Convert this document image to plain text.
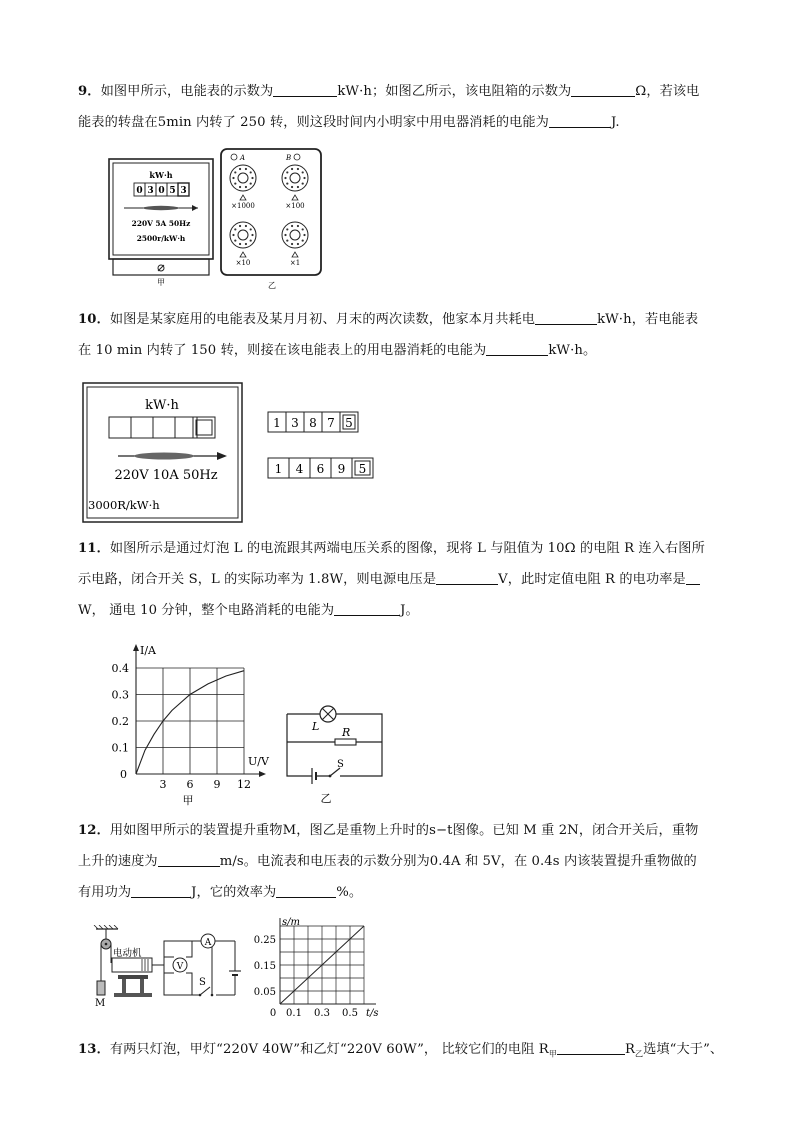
9．如图甲所示，电能表的示数为	kW·h；如图乙所示，该电阻箱的示数为	Ω，若该电
能表的转盘在5min 内转了 250 转，则这段时间内小明家中用电器消耗的电能为	J.
kW·h
0 3 0 5 3
220V 5A 50Hz
2500r/kW·h
甲
A	B
×1000	×100
×10	×1
乙
10．如图是某家庭用的电能表及某月月初、月末的两次读数，他家本月共耗电	kW·h，若电能表
在 10 min 内转了 150 转，则接在该电能表上的用电器消耗的电能为	kW·h。
kW·h
220V 10A 50Hz
3000R/kW·h
1 3 8 7 5
1 4 6 9 5
11．如图所示是通过灯泡 L 的电流跟其两端电压关系的图像，现将 L 与阻值为 10Ω 的电阻 R 连入右图所
示电路，闭合开关 S，L 的实际功率为 1.8W，则电源电压是	V，此时定值电阻 R 的电功率是
W， 通电 10 分钟，整个电路消耗的电能为	J。
3 6 9 12
0.1
0.2
0.3
0.4
0
U/V
I/A
甲
L R
S
乙
12．用如图甲所示的装置提升重物M，图乙是重物上升时的s−t图像。已知 M 重 2N，闭合开关后，重物
上升的速度为	m/s。电流表和电压表的示数分别为0.4A 和 5V，在 0.4s 内该装置提升重物做的
有用功为	J，它的效率为	%。
M
电动机
V
A
S
0.1 0.3 0.5
0.05
0.15
0.25
0	t/s
s/m
13．有两只灯泡，甲灯“220V 40W”和乙灯“220V 60W”， 比较它们的电阻 $R_甲$	$R_乙$选填“大于”、
